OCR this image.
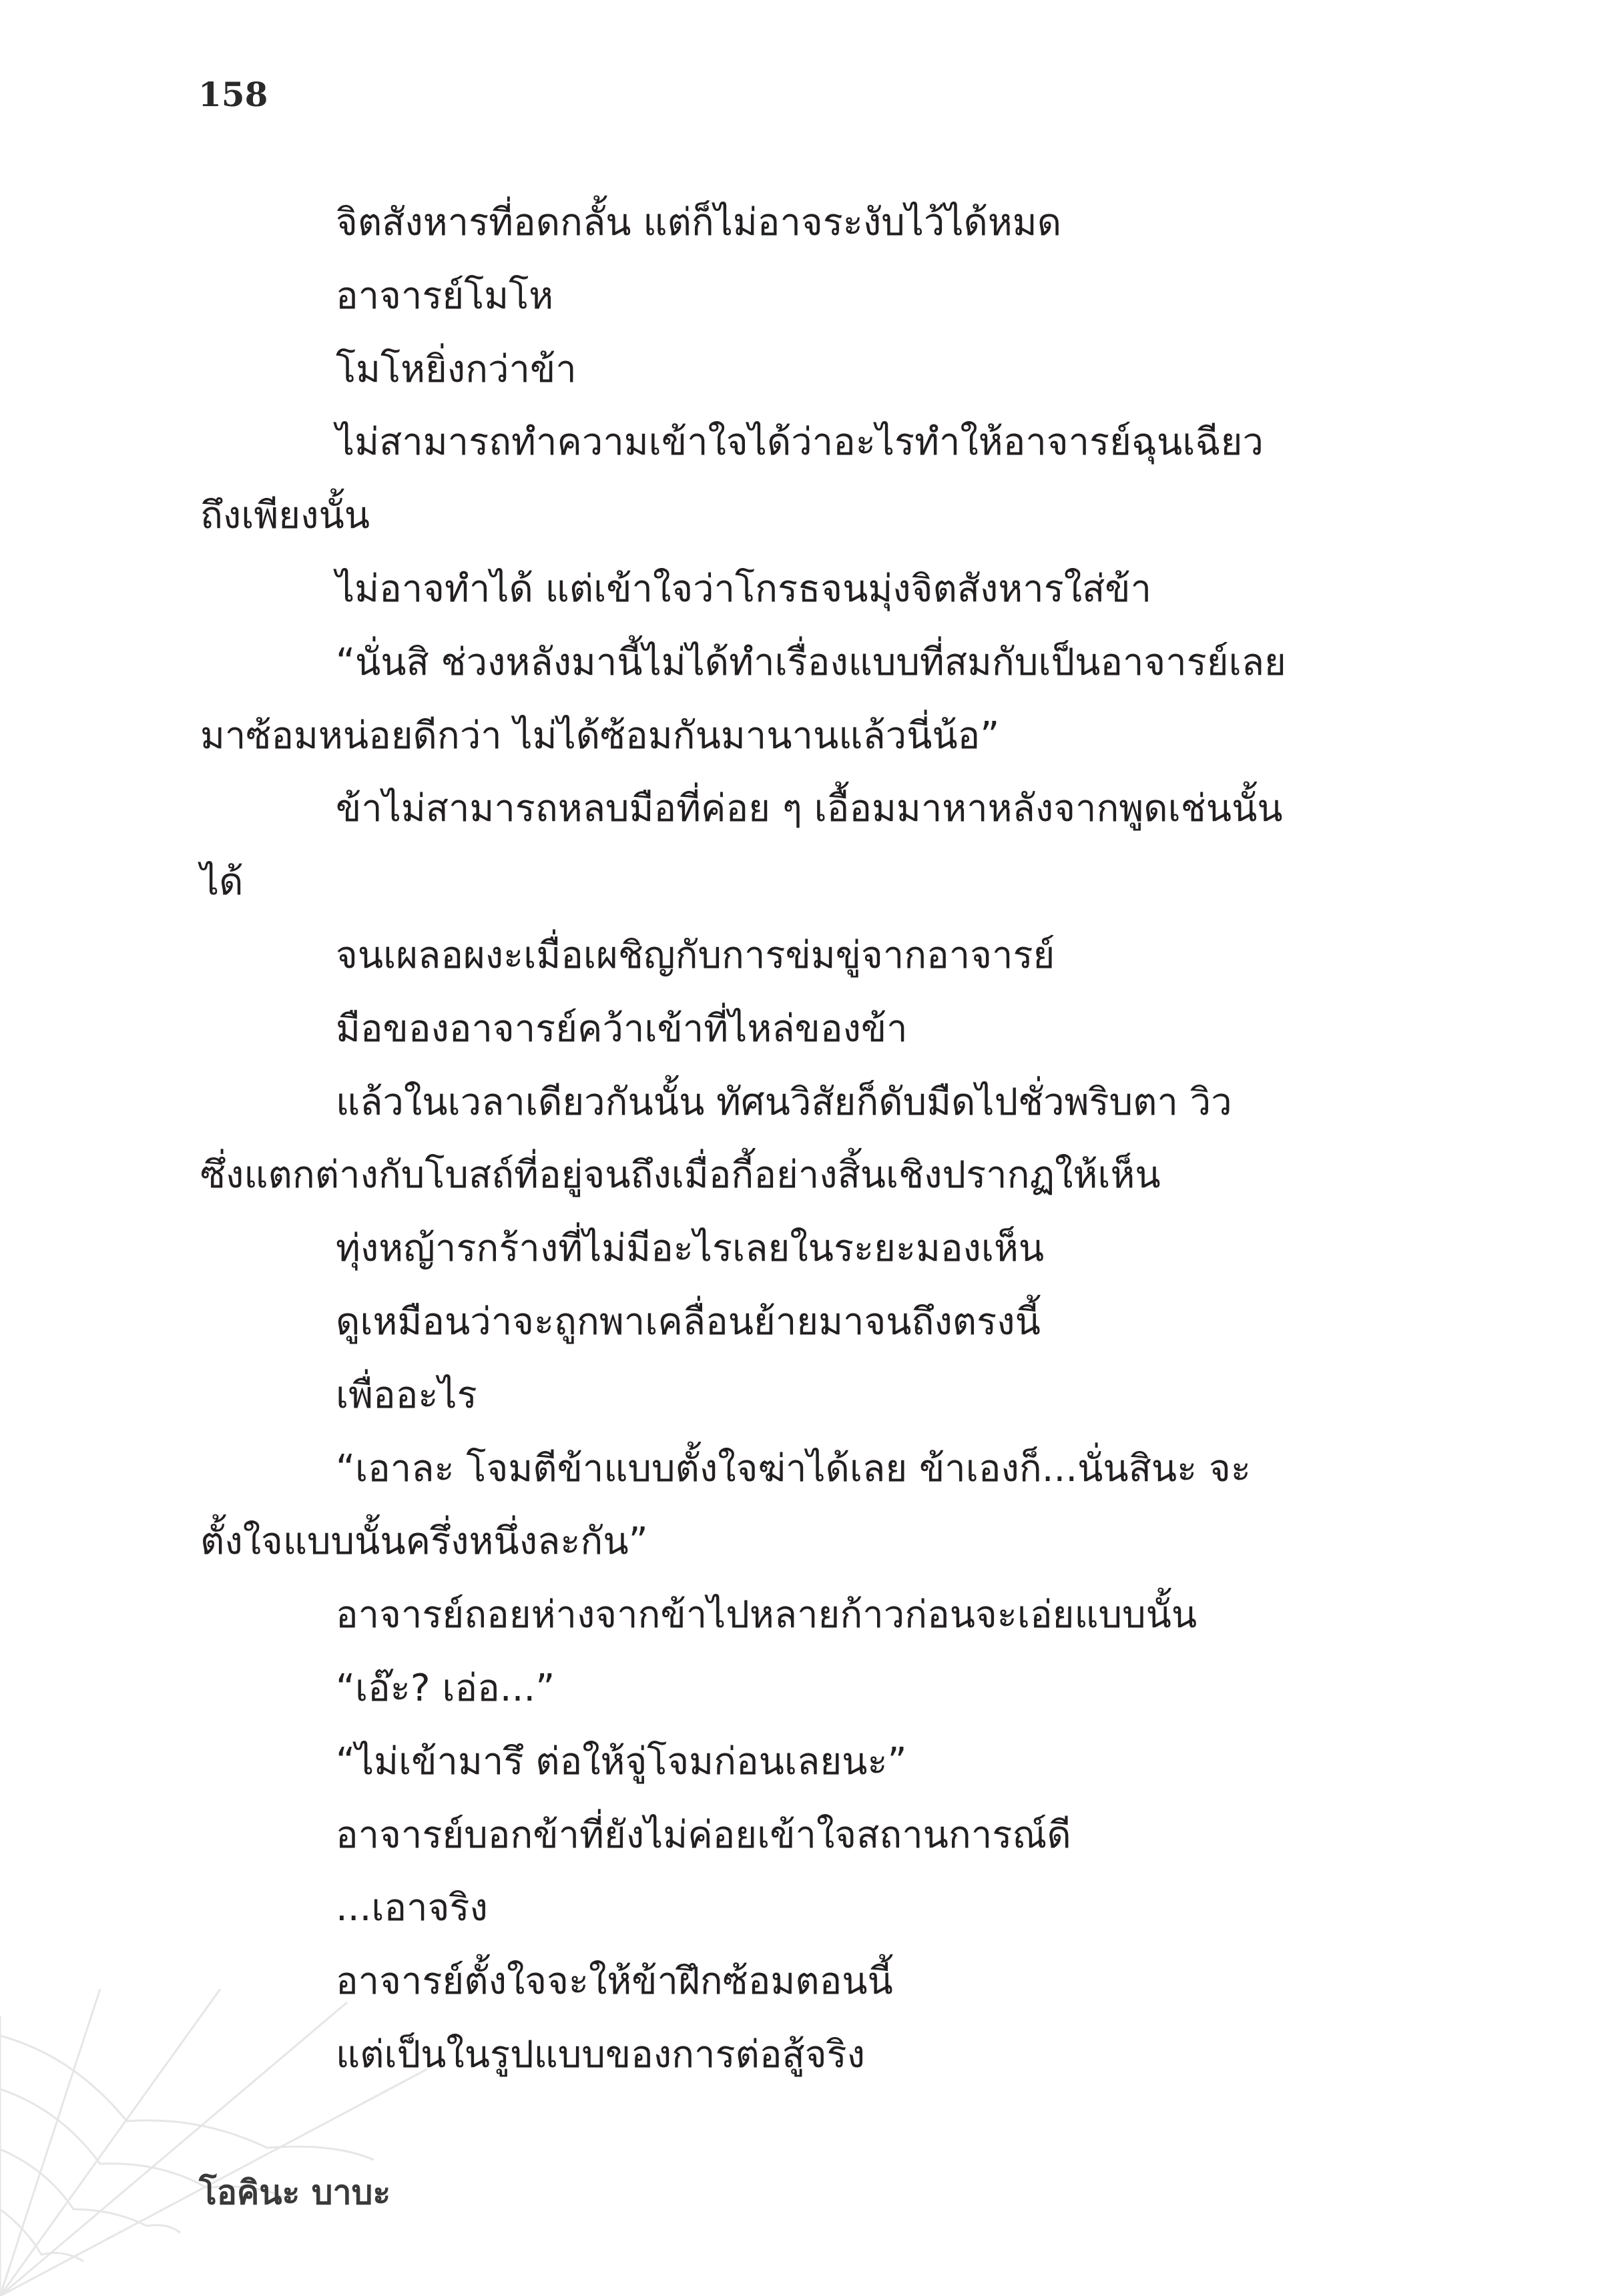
158
จิตสังหารที่อดกลั้น แต่ก็ไม่อาจระงับไว้ได้หมด
อาจารย์โมโห
โมโหยิ่งกว่าข้า
ไม่สามารถทำความเข้าใจได้ว่าอะไรทำให้อาจารย์ฉุนเฉียว
ถึงเพียงนั้น
ไม่อาจทำได้ แต่เข้าใจว่าโกรธจนมุ่งจิตสังหารใส่ข้า
“นั่นสิ ช่วงหลังมานี้ไม่ได้ทำเรื่องแบบที่สมกับเป็นอาจารย์เลย
มาซ้อมหน่อยดีกว่า ไม่ได้ซ้อมกันมานานแล้วนี่น้อ”
ข้าไม่สามารถหลบมือที่ค่อย ๆ เอื้อมมาหาหลังจากพูดเช่นนั้น
ได้
จนเผลอผงะเมื่อเผชิญกับการข่มขู่จากอาจารย์
มือของอาจารย์คว้าเข้าที่ไหล่ของข้า
แล้วในเวลาเดียวกันนั้น ทัศนวิสัยก็ดับมืดไปชั่วพริบตา วิว
ซึ่งแตกต่างกับโบสถ์ที่อยู่จนถึงเมื่อกี้อย่างสิ้นเชิงปรากฏให้เห็น
ทุ่งหญ้ารกร้างที่ไม่มีอะไรเลยในระยะมองเห็น
ดูเหมือนว่าจะถูกพาเคลื่อนย้ายมาจนถึงตรงนี้
เพื่ออะไร
“เอาละ โจมตีข้าแบบตั้งใจฆ่าได้เลย ข้าเองก็...นั่นสินะ จะ
ตั้งใจแบบนั้นครึ่งหนึ่งละกัน”
อาจารย์ถอยห่างจากข้าไปหลายก้าวก่อนจะเอ่ยแบบนั้น
“เอ๊ะ? เอ่อ...”
“ไม่เข้ามารึ ต่อให้จู่โจมก่อนเลยนะ”
อาจารย์บอกข้าที่ยังไม่ค่อยเข้าใจสถานการณ์ดี
...เอาจริง
อาจารย์ตั้งใจจะให้ข้าฝึกซ้อมตอนนี้
แต่เป็นในรูปแบบของการต่อสู้จริง
โอคินะ บาบะ
